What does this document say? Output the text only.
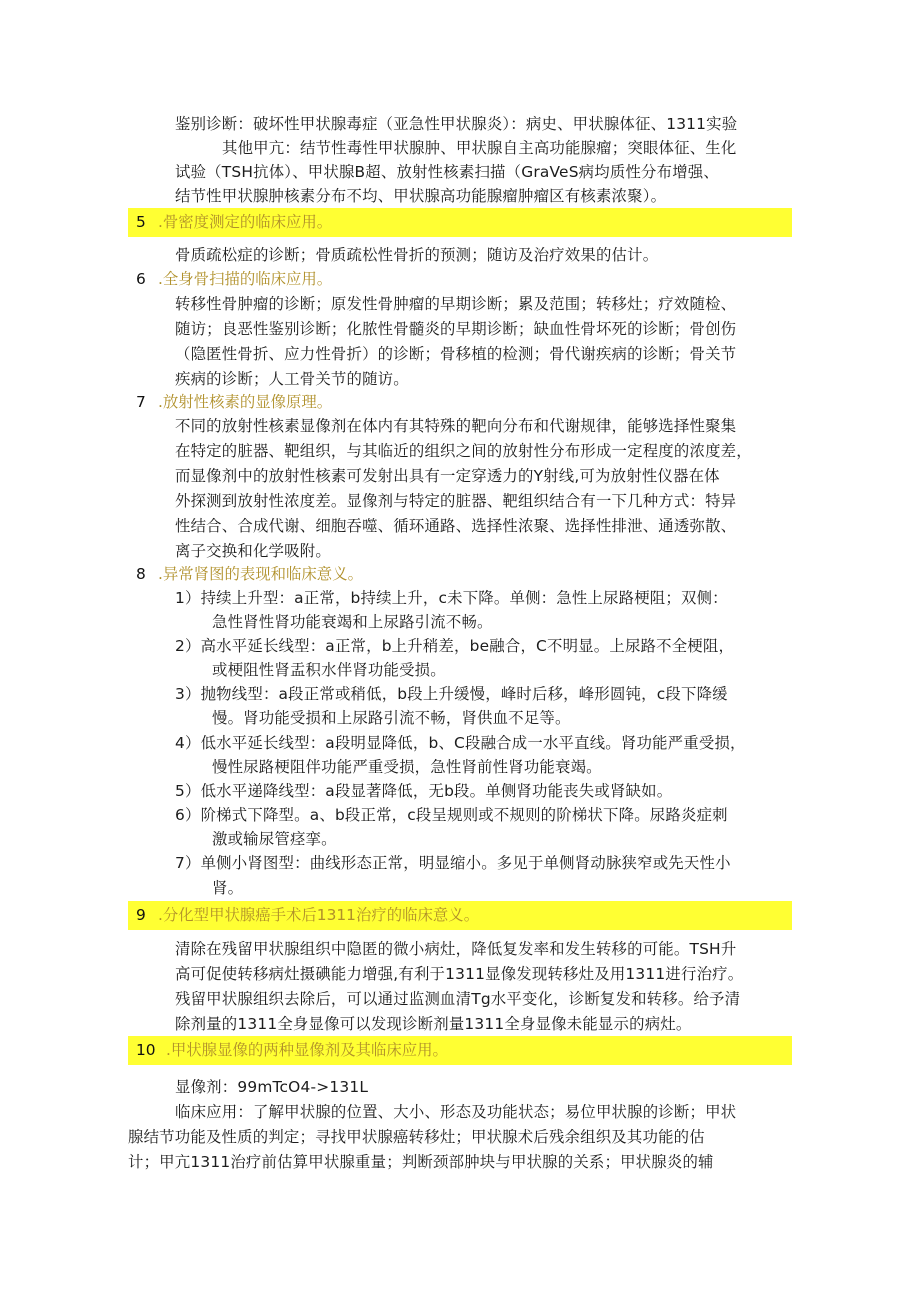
鉴别诊断：破坏性甲状腺毒症（亚急性甲状腺炎）：病史、甲状腺体征、1311实验
其他甲亢：结节性毒性甲状腺肿、甲状腺自主高功能腺瘤；突眼体征、生化
试验（TSH抗体）、甲状腺B超、放射性核素扫描（GraVeS病均质性分布增强、
结节性甲状腺肿核素分布不均、甲状腺高功能腺瘤肿瘤区有核素浓聚）。
5 .骨密度测定的临床应用。
骨质疏松症的诊断；骨质疏松性骨折的预测；随访及治疗效果的估计。
6 .全身骨扫描的临床应用。
转移性骨肿瘤的诊断；原发性骨肿瘤的早期诊断；累及范围；转移灶；疗效随检、
随访；良恶性鉴别诊断；化脓性骨髓炎的早期诊断；缺血性骨坏死的诊断；骨创伤
（隐匿性骨折、应力性骨折）的诊断；骨移植的检测；骨代谢疾病的诊断；骨关节
疾病的诊断；人工骨关节的随访。
7 .放射性核素的显像原理。
不同的放射性核素显像剂在体内有其特殊的靶向分布和代谢规律，能够选择性聚集
在特定的脏器、靶组织，与其临近的组织之间的放射性分布形成一定程度的浓度差，
而显像剂中的放射性核素可发射出具有一定穿透力的Y射线,可为放射性仪器在体
外探测到放射性浓度差。显像剂与特定的脏器、靶组织结合有一下几种方式：特异
性结合、合成代谢、细胞吞噬、循环通路、选择性浓聚、选择性排泄、通透弥散、
离子交换和化学吸附。
8 .异常肾图的表现和临床意义。
1）持续上升型：a正常，b持续上升，c未下降。单侧：急性上尿路梗阻；双侧：
急性肾性肾功能衰竭和上尿路引流不畅。
2）高水平延长线型：a正常，b上升稍差，be融合，C不明显。上尿路不全梗阻，
或梗阻性肾盂积水伴肾功能受损。
3）抛物线型：a段正常或稍低，b段上升缓慢，峰时后移，峰形圆钝，c段下降缓
慢。肾功能受损和上尿路引流不畅，肾供血不足等。
4）低水平延长线型：a段明显降低，b、C段融合成一水平直线。肾功能严重受损，
慢性尿路梗阻伴功能严重受损，急性肾前性肾功能衰竭。
5）低水平递降线型：a段显著降低，无b段。单侧肾功能丧失或肾缺如。
6）阶梯式下降型。a、b段正常，c段呈规则或不规则的阶梯状下降。尿路炎症刺
激或输尿管痉挛。
7）单侧小肾图型：曲线形态正常，明显缩小。多见于单侧肾动脉狭窄或先天性小
肾。
9 .分化型甲状腺癌手术后1311治疗的临床意义。
清除在残留甲状腺组织中隐匿的微小病灶，降低复发率和发生转移的可能。TSH升
高可促使转移病灶摄碘能力增强,有利于1311显像发现转移灶及用1311进行治疗。
残留甲状腺组织去除后，可以通过监测血清Tg水平变化，诊断复发和转移。给予清
除剂量的1311全身显像可以发现诊断剂量1311全身显像未能显示的病灶。
10 .甲状腺显像的两种显像剂及其临床应用。
显像剂：99mTcO4->131L
临床应用：了解甲状腺的位置、大小、形态及功能状态；易位甲状腺的诊断；甲状
腺结节功能及性质的判定；寻找甲状腺癌转移灶；甲状腺术后残余组织及其功能的估
计；甲亢1311治疗前估算甲状腺重量；判断颈部肿块与甲状腺的关系；甲状腺炎的辅
